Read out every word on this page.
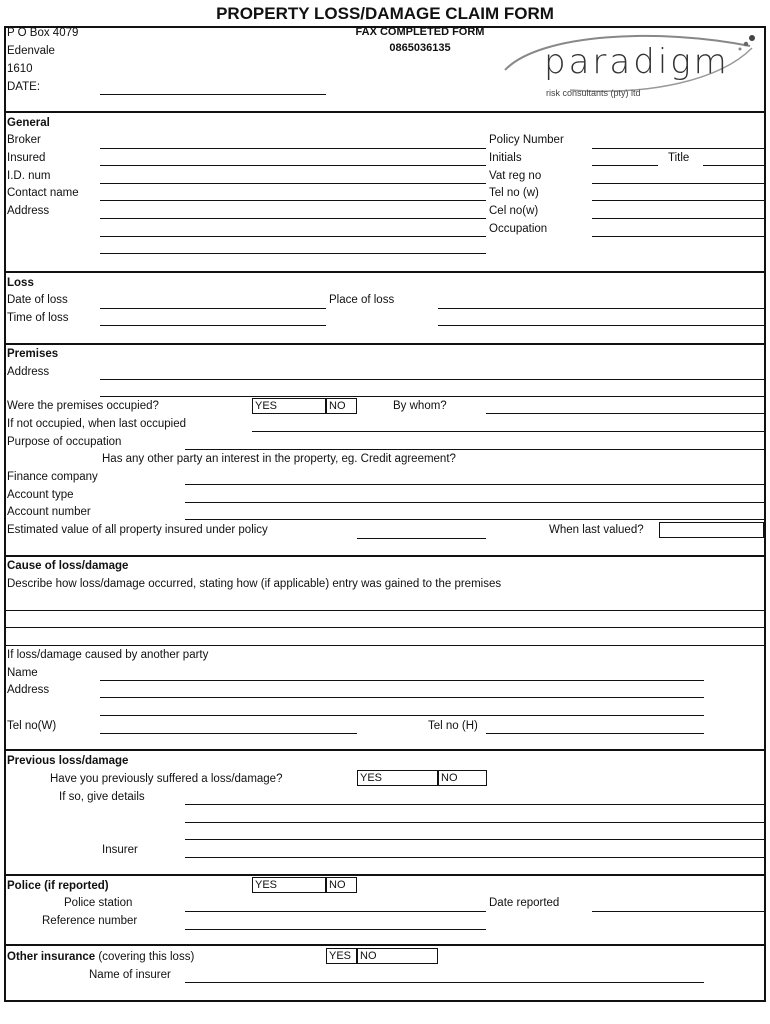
PROPERTY LOSS/DAMAGE CLAIM FORM
P O Box 4079
Edenvale
1610
DATE:
FAX COMPLETED FORM
0865036135	paradigm
risk consultants (pty) ltd
General
Broker
Insured
I.D. num
Contact name
Address
Policy Number
Initials	Title
Vat reg no
Tel no (w)
Cel no(w)
Occupation
Loss
Date of loss
Time of loss
Place of loss
Premises
Address
Were the premises occupied?	YES	NO	By whom?
If not occupied, when last occupied
Purpose of occupation
Has any other party an interest in the property, eg. Credit agreement?
Finance company
Account type
Account number
Estimated value of all property insured under policy	When last valued?
Cause of loss/damage
Describe how loss/damage occurred, stating how (if applicable) entry was gained to the premises
If loss/damage caused by another party
Name
Address
Tel no(W)	Tel no (H)
Previous loss/damage
Have you previously suffered a loss/damage?	YES	NO
If so, give details
Insurer
Police (if reported)	YES	NO
Police station	Date reported
Reference number
Other insurance (covering this loss)	YES NO
Name of insurer
